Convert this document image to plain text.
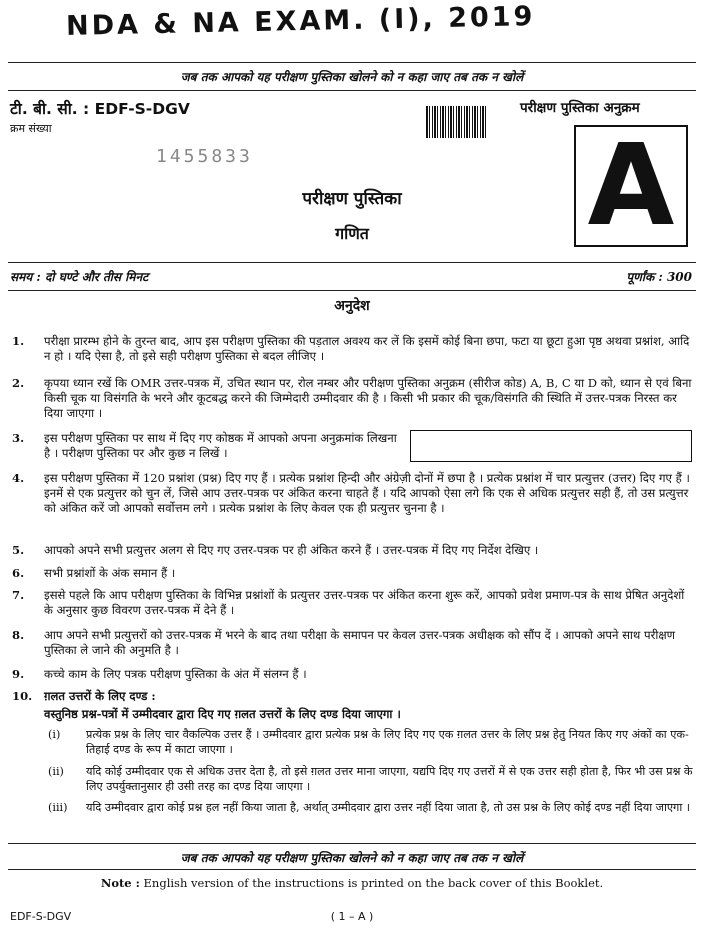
NDA & NA EXAM. (I), 2019
जब तक आपको यह परीक्षण पुस्तिका खोलने को न कहा जाए तब तक न खोलें
टी. बी. सी. : EDF-S-DGV
क्रम संख्या
1455833
परीक्षण पुस्तिका अनुक्रम
A
परीक्षण पुस्तिका
गणित
समय : दो घण्टे और तीस मिनट	पूर्णांक : 300
अनुदेश
1.	परीक्षा प्रारम्भ होने के तुरन्त बाद, आप इस परीक्षण पुस्तिका की पड़ताल अवश्य कर लें कि इसमें कोई बिना छपा, फटा या छूटा हुआ पृष्ठ अथवा प्रश्नांश, आदि न हो । यदि ऐसा है, तो इसे सही परीक्षण पुस्तिका से बदल लीजिए ।
2.	कृपया ध्यान रखें कि OMR उत्तर-पत्रक में, उचित स्थान पर, रोल नम्बर और परीक्षण पुस्तिका अनुक्रम (सीरीज कोड) A, B, C या D को, ध्यान से एवं बिना किसी चूक या विसंगति के भरने और कूटबद्ध करने की जिम्मेदारी उम्मीदवार की है । किसी भी प्रकार की चूक/विसंगति की स्थिति में उत्तर-पत्रक निरस्त कर दिया जाएगा ।
3.	इस परीक्षण पुस्तिका पर साथ में दिए गए कोष्ठक में आपको अपना अनुक्रमांक लिखना है । परीक्षण पुस्तिका पर और कुछ न लिखें ।
4.	इस परीक्षण पुस्तिका में 120 प्रश्नांश (प्रश्न) दिए गए हैं । प्रत्येक प्रश्नांश हिन्दी और अंग्रेज़ी दोनों में छपा है । प्रत्येक प्रश्नांश में चार प्रत्युत्तर (उत्तर) दिए गए हैं । इनमें से एक प्रत्युत्तर को चुन लें, जिसे आप उत्तर-पत्रक पर अंकित करना चाहते हैं । यदि आपको ऐसा लगे कि एक से अधिक प्रत्युत्तर सही हैं, तो उस प्रत्युत्तर को अंकित करें जो आपको सर्वोत्तम लगे । प्रत्येक प्रश्नांश के लिए केवल एक ही प्रत्युत्तर चुनना है ।
5.	आपको अपने सभी प्रत्युत्तर अलग से दिए गए उत्तर-पत्रक पर ही अंकित करने हैं । उत्तर-पत्रक में दिए गए निर्देश देखिए ।
6.	सभी प्रश्नांशों के अंक समान हैं ।
7.	इससे पहले कि आप परीक्षण पुस्तिका के विभिन्न प्रश्नांशों के प्रत्युत्तर उत्तर-पत्रक पर अंकित करना शुरू करें, आपको प्रवेश प्रमाण-पत्र के साथ प्रेषित अनुदेशों के अनुसार कुछ विवरण उत्तर-पत्रक में देने हैं ।
8.	आप अपने सभी प्रत्युत्तरों को उत्तर-पत्रक में भरने के बाद तथा परीक्षा के समापन पर केवल उत्तर-पत्रक अधीक्षक को सौंप दें । आपको अपने साथ परीक्षण पुस्तिका ले जाने की अनुमति है ।
9.	कच्चे काम के लिए पत्रक परीक्षण पुस्तिका के अंत में संलग्न हैं ।
10.	ग़लत उत्तरों के लिए दण्ड :
वस्तुनिष्ठ प्रश्न-पत्रों में उम्मीदवार द्वारा दिए गए ग़लत उत्तरों के लिए दण्ड दिया जाएगा ।
(i)	प्रत्येक प्रश्न के लिए चार वैकल्पिक उत्तर हैं । उम्मीदवार द्वारा प्रत्येक प्रश्न के लिए दिए गए एक ग़लत उत्तर के लिए प्रश्न हेतु नियत किए गए अंकों का एक-तिहाई दण्ड के रूप में काटा जाएगा ।
(ii)	यदि कोई उम्मीदवार एक से अधिक उत्तर देता है, तो इसे ग़लत उत्तर माना जाएगा, यद्यपि दिए गए उत्तरों में से एक उत्तर सही होता है, फिर भी उस प्रश्न के लिए उपर्युक्तानुसार ही उसी तरह का दण्ड दिया जाएगा ।
(iii)	यदि उम्मीदवार द्वारा कोई प्रश्न हल नहीं किया जाता है, अर्थात् उम्मीदवार द्वारा उत्तर नहीं दिया जाता है, तो उस प्रश्न के लिए कोई दण्ड नहीं दिया जाएगा ।
जब तक आपको यह परीक्षण पुस्तिका खोलने को न कहा जाए तब तक न खोलें
Note : English version of the instructions is printed on the back cover of this Booklet.
EDF-S-DGV	( 1 – A )
